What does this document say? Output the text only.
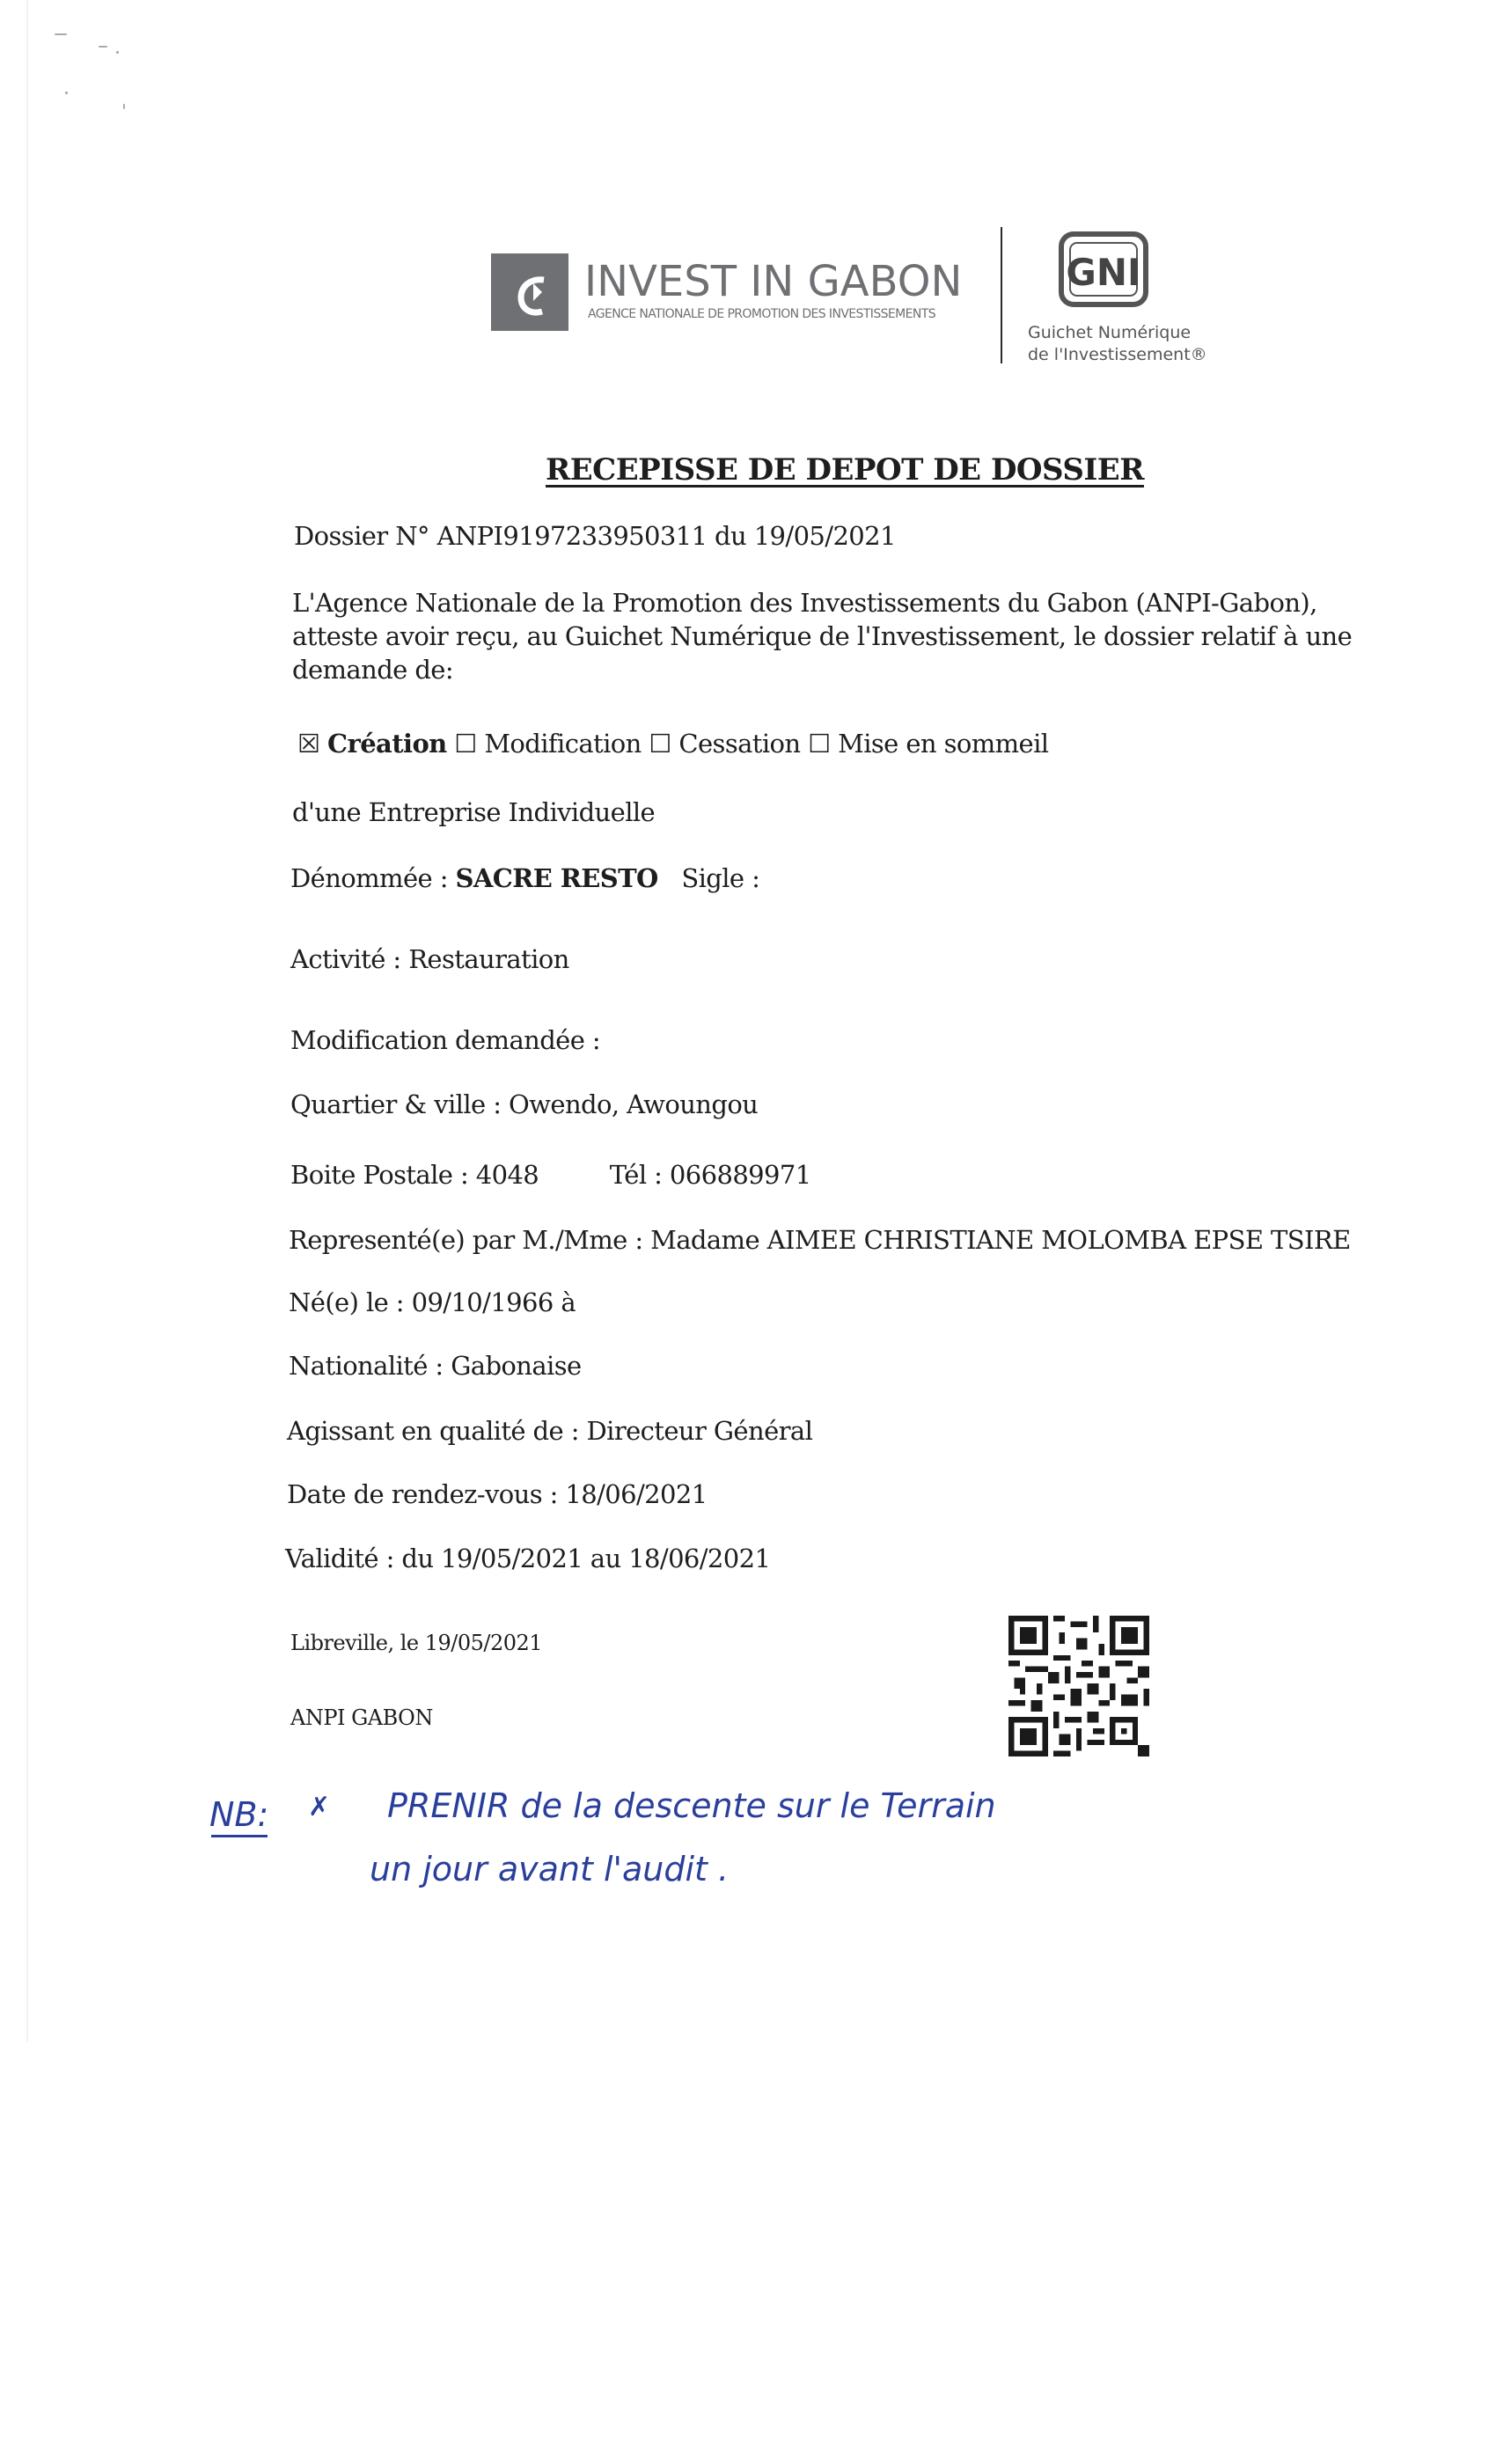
INVEST IN GABON
AGENCE NATIONALE DE PROMOTION DES INVESTISSEMENTS
GNI
Guichet Numérique
de l'Investissement®
RECEPISSE DE DEPOT DE DOSSIER
Dossier N° ANPI9197233950311 du 19/05/2021
L'Agence Nationale de la Promotion des Investissements du Gabon (ANPI-Gabon),
atteste avoir reçu, au Guichet Numérique de l'Investissement, le dossier relatif à une
demande de:
☒ Création ☐ Modification ☐ Cessation ☐ Mise en sommeil
d'une Entreprise Individuelle
Dénommée : SACRE RESTO Sigle :
Activité : Restauration
Modification demandée :
Quartier & ville : Owendo, Awoungou
Boite Postale : 4048	Tél : 066889971
Representé(e) par M./Mme : Madame AIMEE CHRISTIANE MOLOMBA EPSE TSIRE
Né(e) le : 09/10/1966 à
Nationalité : Gabonaise
Agissant en qualité de : Directeur Général
Date de rendez-vous : 18/06/2021
Validité : du 19/05/2021 au 18/06/2021
Libreville, le 19/05/2021
ANPI GABON
NB: ✗ PRENIR de la descente sur le Terrain
un jour avant l'audit .
